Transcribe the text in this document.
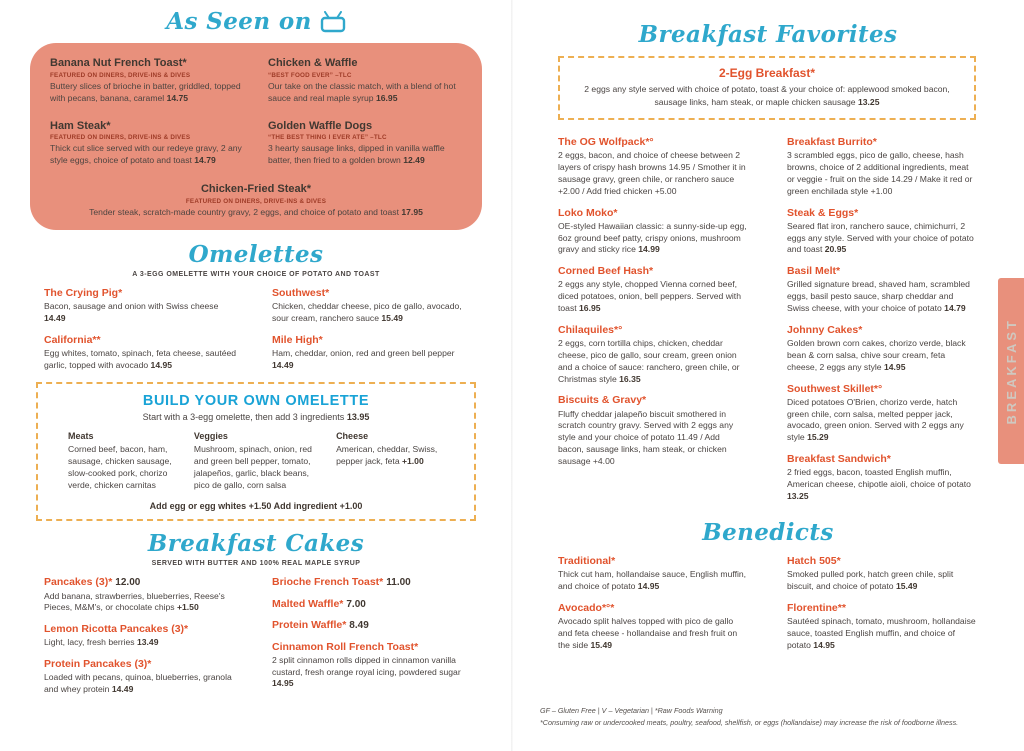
As Seen on
Banana Nut French Toast*
FEATURED ON DINERS, DRIVE-INS & DIVES
Buttery slices of brioche in batter, griddled, topped with pecans, banana, caramel 14.75
Chicken & Waffle
“BEST FOOD EVER” –TLC
Our take on the classic match, with a blend of hot sauce and real maple syrup 16.95
Ham Steak*
FEATURED ON DINERS, DRIVE-INS & DIVES
Thick cut slice served with our redeye gravy, 2 any style eggs, choice of potato and toast 14.79
Golden Waffle Dogs
“THE BEST THING I EVER ATE” –TLC
3 hearty sausage links, dipped in vanilla waffle batter, then fried to a golden brown 12.49
Chicken-Fried Steak*
FEATURED ON DINERS, DRIVE-INS & DIVES
Tender steak, scratch-made country gravy, 2 eggs, and choice of potato and toast 17.95
Omelettes
A 3-EGG OMELETTE WITH YOUR CHOICE OF POTATO AND TOAST
The Crying Pig*
Bacon, sausage and onion with Swiss cheese 14.49
Southwest*
Chicken, cheddar cheese, pico de gallo, avocado, sour cream, ranchero sauce 15.49
California**
Egg whites, tomato, spinach, feta cheese, sautéed garlic, topped with avocado 14.95
Mile High*
Ham, cheddar, onion, red and green bell pepper 14.49
BUILD YOUR OWN OMELETTE
Start with a 3-egg omelette, then add 3 ingredients 13.95
Meats
Corned beef, bacon, ham, sausage, chicken sausage, slow-cooked pork, chorizo verde, chicken carnitas
Veggies
Mushroom, spinach, onion, red and green bell pepper, tomato, jalapeños, garlic, black beans, pico de gallo, corn salsa
Cheese
American, cheddar, Swiss, pepper jack, feta +1.00
Add egg or egg whites +1.50 Add ingredient +1.00
Breakfast Cakes
SERVED WITH BUTTER AND 100% REAL MAPLE SYRUP
Pancakes (3)* 12.00
Add banana, strawberries, blueberries, Reese's Pieces, M&M's, or chocolate chips +1.50
Lemon Ricotta Pancakes (3)*
Light, lacy, fresh berries 13.49
Protein Pancakes (3)*
Loaded with pecans, quinoa, blueberries, granola and whey protein 14.49
Brioche French Toast* 11.00
Malted Waffle* 7.00
Protein Waffle* 8.49
Cinnamon Roll French Toast*
2 split cinnamon rolls dipped in cinnamon vanilla custard, fresh orange royal icing, powdered sugar 14.95
Breakfast Favorites
2-Egg Breakfast*
2 eggs any style served with choice of potato, toast & your choice of: applewood smoked bacon, sausage links, ham steak, or maple chicken sausage 13.25
The OG Wolfpack*°
2 eggs, bacon, and choice of cheese between 2 layers of crispy hash browns 14.95 / Smother it in sausage gravy, green chile, or ranchero sauce +2.00 / Add fried chicken +5.00
Loko Moko*
OE-styled Hawaiian classic: a sunny-side-up egg, 6oz ground beef patty, crispy onions, mushroom gravy and sticky rice 14.99
Corned Beef Hash*
2 eggs any style, chopped Vienna corned beef, diced potatoes, onion, bell peppers. Served with toast 16.95
Chilaquiles*°
2 eggs, corn tortilla chips, chicken, cheddar cheese, pico de gallo, sour cream, green onion and a choice of sauce: ranchero, green chile, or Christmas style 16.35
Biscuits & Gravy*
Fluffy cheddar jalapeño biscuit smothered in scratch country gravy. Served with 2 eggs any style and your choice of potato 11.49 / Add bacon, sausage links, ham steak, or chicken sausage +4.00
Breakfast Burrito*
3 scrambled eggs, pico de gallo, cheese, hash browns, choice of 2 additional ingredients, meat or veggie - fruit on the side 14.29 / Make it red or green enchilada style +1.00
Steak & Eggs*
Seared flat iron, ranchero sauce, chimichurri, 2 eggs any style. Served with your choice of potato and toast 20.95
Basil Melt*
Grilled signature bread, shaved ham, scrambled eggs, basil pesto sauce, sharp cheddar and Swiss cheese, with your choice of potato 14.79
Johnny Cakes*
Golden brown corn cakes, chorizo verde, black bean & corn salsa, chive sour cream, feta cheese, 2 eggs any style 14.95
Southwest Skillet*°
Diced potatoes O'Brien, chorizo verde, hatch green chile, corn salsa, melted pepper jack, avocado, green onion. Served with 2 eggs any style 15.29
Breakfast Sandwich*
2 fried eggs, bacon, toasted English muffin, American cheese, chipotle aioli, choice of potato 13.25
Benedicts
Traditional*
Thick cut ham, hollandaise sauce, English muffin, and choice of potato 14.95
Avocado*°*
Avocado split halves topped with pico de gallo and feta cheese - hollandaise and fresh fruit on the side 15.49
Hatch 505*
Smoked pulled pork, hatch green chile, split biscuit, and choice of potato 15.49
Florentine**
Sautéed spinach, tomato, mushroom, hollandaise sauce, toasted English muffin, and choice of potato 14.95
GF – Gluten Free | V – Vegetarian | *Raw Foods Warning
*Consuming raw or undercooked meats, poultry, seafood, shellfish, or eggs (hollandaise) may increase the risk of foodborne illness.
BREAKFAST
